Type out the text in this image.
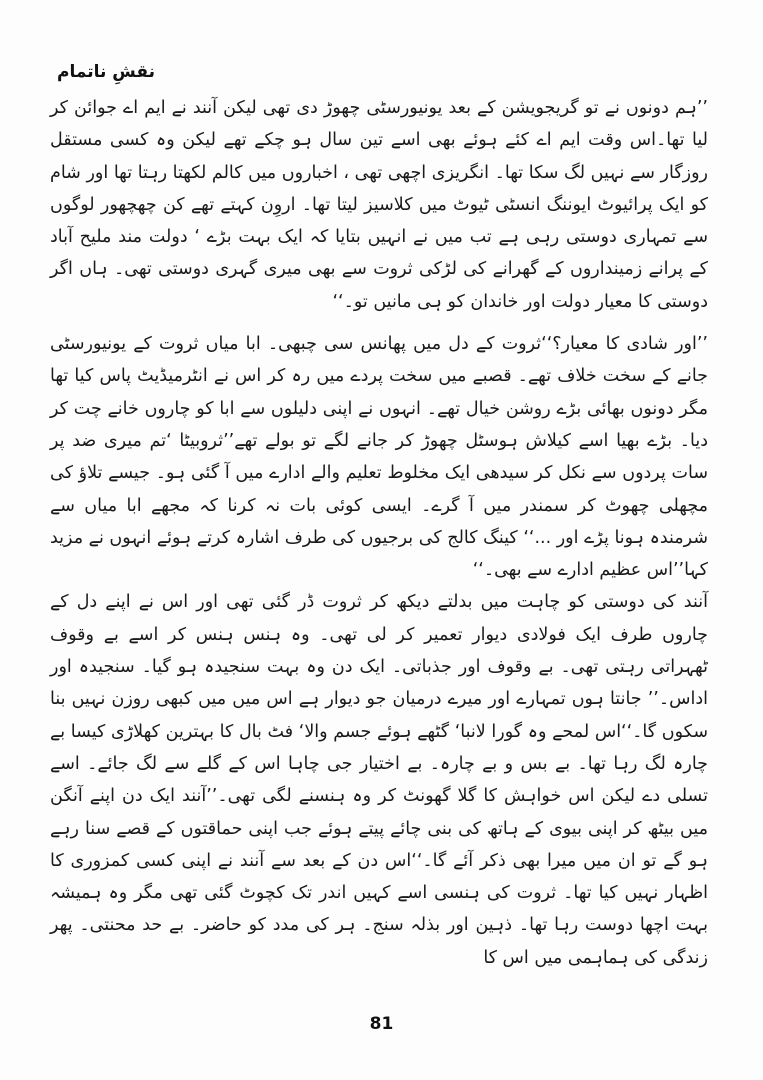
نقشِ ناتمام

’’ہم دونوں نے تو گریجویشن کے بعد یونیورسٹی چھوڑ دی تھی لیکن آنند نے ایم اے جوائن کر لیا تھا۔اس وقت ایم اے کئے ہوئے بھی اسے تین سال ہو چکے تھے لیکن وہ کسی مستقل روزگار سے نہیں لگ سکا تھا۔ انگریزی اچھی تھی ، اخباروں میں کالم لکھتا رہتا تھا اور شام کو ایک پرائیوٹ ایوننگ انسٹی ٹیوٹ میں کلاسیز لیتا تھا۔ اروِن کہتے تھے کن چھچھور لوگوں سے تمہاری دوستی رہی ہے تب میں نے انہیں بتایا کہ ایک بہت بڑے ‘ دولت مند ملیح آباد کے پرانے زمینداروں کے گھرانے کی لڑکی ثروت سے بھی میری گہری دوستی تھی۔ ہاں اگر دوستی کا معیار دولت اور خاندان کو ہی مانیں تو۔‘‘

’’اور شادی کا معیار؟‘‘ثروت کے دل میں پھانس سی چبھی۔ ابا میاں ثروت کے یونیورسٹی جانے کے سخت خلاف تھے۔ قصبے میں سخت پردے میں رہ کر اس نے انٹرمیڈیٹ پاس کیا تھا مگر دونوں بھائی بڑے روشن خیال تھے۔ انہوں نے اپنی دلیلوں سے ابا کو چاروں خانے چت کر دیا۔ بڑے بھیا اسے کیلاش ہوسٹل چھوڑ کر جانے لگے تو بولے تھے’’ثروبیٹا ‘تم میری ضد پر سات پردوں سے نکل کر سیدھی ایک مخلوط تعلیم والے ادارے میں آ گئی ہو۔ جیسے تلاؤ کی مچھلی چھوٹ کر سمندر میں آ گرے۔ ایسی کوئی بات نہ کرنا کہ مجھے ابا میاں سے شرمندہ ہونا پڑے اور ...‘‘ کینگ کالج کی برجیوں کی طرف اشارہ کرتے ہوئے انہوں نے مزید کہا’’اس عظیم ادارے سے بھی۔‘‘

آنند کی دوستی کو چاہت میں بدلتے دیکھ کر ثروت ڈر گئی تھی اور اس نے اپنے دل کے چاروں طرف ایک فولادی دیوار تعمیر کر لی تھی۔ وہ ہنس ہنس کر اسے بے وقوف ٹھہراتی رہتی تھی۔ بے وقوف اور جذباتی۔ ایک دن وہ بہت سنجیدہ ہو گیا۔ سنجیدہ اور اداس۔’’ جانتا ہوں تمہارے اور میرے درمیان جو دیوار ہے اس میں میں کبھی روزن نہیں بنا سکوں گا۔‘‘اس لمحے وہ گورا لانبا‘ گٹھے ہوئے جسم والا‘ فٹ بال کا بہترین کھلاڑی کیسا بے چارہ لگ رہا تھا۔ بے بس و بے چارہ۔ بے اختیار جی چاہا اس کے گلے سے لگ جائے۔ اسے تسلی دے لیکن اس خواہش کا گلا گھونٹ کر وہ ہنسنے لگی تھی۔’’آنند ایک دن اپنے آنگن میں بیٹھ کر اپنی بیوی کے ہاتھ کی بنی چائے پیتے ہوئے جب اپنی حماقتوں کے قصے سنا رہے ہو گے تو ان میں میرا بھی ذکر آئے گا۔‘‘اس دن کے بعد سے آنند نے اپنی کسی کمزوری کا اظہار نہیں کیا تھا۔ ثروت کی ہنسی اسے کہیں اندر تک کچوٹ گئی تھی مگر وہ ہمیشہ بہت اچھا دوست رہا تھا۔ ذہین اور بذلہ سنج۔ ہر کی مدد کو حاضر۔ بے حد محنتی۔ پھر زندگی کی ہماہمی میں اس کا

81
